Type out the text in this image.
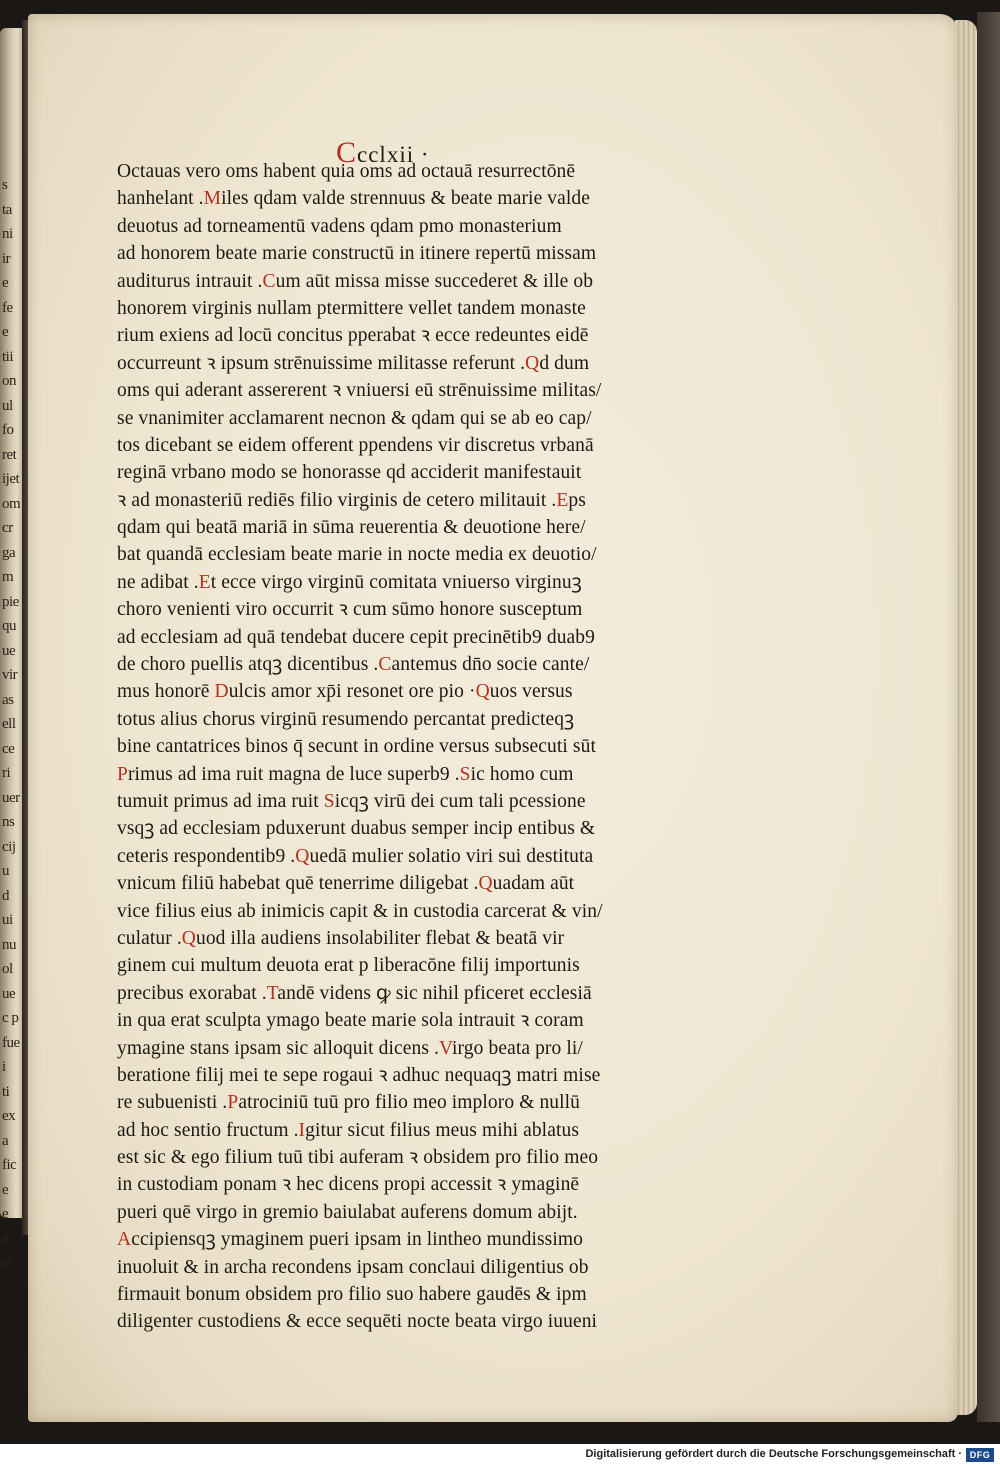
s
ta
ni
ir
e
fe
e
tii
on
ul
fo
ret
ijet
om
cr
ga
m
pie
qu
ue
vir
as
ell
ce
ri
uer
ns
cij
u
d
ui
nu
ol
ue
c p
fue
i
ti
ex
a
fic
e
e
a
te
Ccclxii ·
Octauas vero oms habent quia oms ad octauā resurrectōnē
hanhelant .Miles qdam valde strennuus & beate marie valde
deuotus ad torneamentū vadens qdam pmo monasterium
ad honorem beate marie constructū in itinere repertū missam
auditurus intrauit .Cum aūt missa misse succederet & ille ob
honorem virginis nullam ptermittere vellet tandem monaste
rium exiens ad locū concitus pperabat ꝛ ecce redeuntes eidē
occurreunt ꝛ ipsum strēnuissime militasse referunt .Qd dum
oms qui aderant assererent ꝛ vniuersi eū strēnuissime militas/
se vnanimiter acclamarent necnon & qdam qui se ab eo cap/
tos dicebant se eidem offerent ppendens vir discretus vrbanā
reginā vrbano modo se honorasse qd acciderit manifestauit
ꝛ ad monasteriū rediēs filio virginis de cetero militauit .Eps
qdam qui beatā mariā in sūma reuerentia & deuotione here/
bat quandā ecclesiam beate marie in nocte media ex deuotio/
ne adibat .Et ecce virgo virginū comitata vniuerso virginuꝫ
choro venienti viro occurrit ꝛ cum sūmo honore susceptum
ad ecclesiam ad quā tendebat ducere cepit precinētib9 duab9
de choro puellis atqꝫ dicentibus .Cantemus dn̄o socie cante/
mus honorē Dulcis amor xp̄i resonet ore pio ·Quos versus
totus alius chorus virginū resumendo percantat predicteqꝫ
bine cantatrices binos q̄ secunt in ordine versus subsecuti sūt
Primus ad ima ruit magna de luce superb9 .Sic homo cum
tumuit primus ad ima ruit Sicqꝫ virū dei cum tali pcessione
vsqꝫ ad ecclesiam pduxerunt duabus semper incip entibus &
ceteris respondentib9 .Quedā mulier solatio viri sui destituta
vnicum filiū habebat quē tenerrime diligebat .Quadam aūt
vice filius eius ab inimicis capit & in custodia carcerat & vin/
culatur .Quod illa audiens insolabiliter flebat & beatā vir
ginem cui multum deuota erat p liberacōne filij importunis
precibus exorabat .Tandē videns ꝙ sic nihil pficeret ecclesiā
in qua erat sculpta ymago beate marie sola intrauit ꝛ coram
ymagine stans ipsam sic alloquit dicens .Virgo beata pro li/
beratione filij mei te sepe rogaui ꝛ adhuc nequaqꝫ matri mise
re subuenisti .Patrociniū tuū pro filio meo imploro & nullū
ad hoc sentio fructum .Igitur sicut filius meus mihi ablatus
est sic & ego filium tuū tibi auferam ꝛ obsidem pro filio meo
in custodiam ponam ꝛ hec dicens propi accessit ꝛ ymaginē
pueri quē virgo in gremio baiulabat auferens domum abijt.
Accipiensqꝫ ymaginem pueri ipsam in lintheo mundissimo
inuoluit & in archa recondens ipsam conclaui diligentius ob
firmauit bonum obsidem pro filio suo habere gaudēs & ipm
diligenter custodiens & ecce sequēti nocte beata virgo iuueni
Digitalisierung gefördert durch die Deutsche Forschungsgemeinschaft · DFG
